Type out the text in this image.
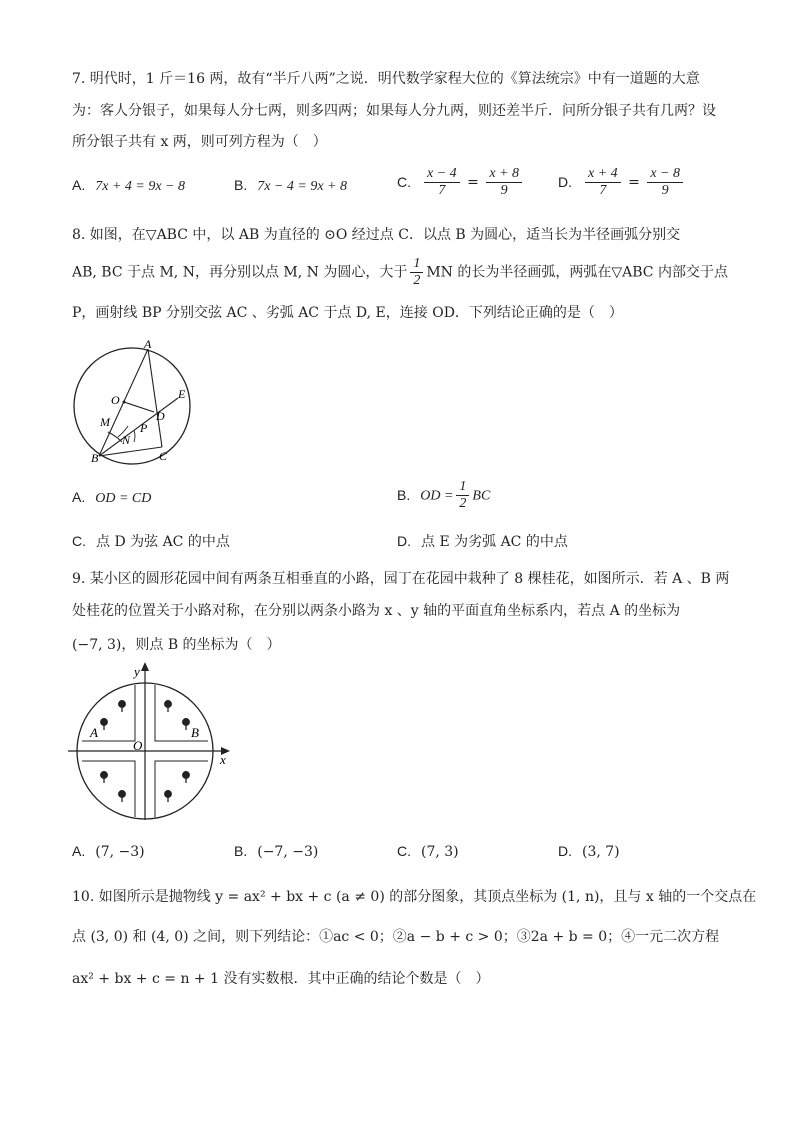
7. 明代时，1 斤＝16 两，故有“半斤八两”之说．明代数学家程大位的《算法统宗》中有一道题的大意
为：客人分银子，如果每人分七两，则多四两；如果每人分九两，则还差半斤．问所分银子共有几两？设
所分银子共有 x 两，则可列方程为（　）
A. 7x + 4 = 9x − 8	B. 7x − 4 = 9x + 8	C. $\frac{x - 4}{7} = \frac{x + 8}{9}$	D. $\frac{x + 4}{7} = \frac{x - 8}{9}$
8. 如图，在▽ABC 中，以 AB 为直径的 ⊙O 经过点 C．以点 B 为圆心，适当长为半径画弧分别交
AB, BC 于点 M, N，再分别以点 M, N 为圆心，大于 $\frac{1}{2}$ MN 的长为半径画弧，两弧在▽ABC 内部交于点
P，画射线 BP 分别交弦 AC 、劣弧 AC 于点 D, E，连接 OD．下列结论正确的是（　）
A
O	E
D
M	P
N
B	C
A. OD = CD	B. OD = $\frac{1}{2}$ BC
C. 点 D 为弦 AC 的中点	D. 点 E 为劣弧 AC 的中点
9. 某小区的圆形花园中间有两条互相垂直的小路，园丁在花园中栽种了 8 棵桂花，如图所示．若 A 、B 两
处桂花的位置关于小路对称，在分别以两条小路为 x 、y 轴的平面直角坐标系内，若点 A 的坐标为
(−7, 3)，则点 B 的坐标为（　）
y
x
O
A	B
A. (7, −3)	B. (−7, −3)	C. (7, 3)	D. (3, 7)
10. 如图所示是抛物线 y = ax² + bx + c (a ≠ 0) 的部分图象，其顶点坐标为 (1, n)，且与 x 轴的一个交点在
点 (3, 0) 和 (4, 0) 之间，则下列结论：①ac < 0；②a − b + c > 0；③2a + b = 0；④一元二次方程
ax² + bx + c = n + 1 没有实数根．其中正确的结论个数是（　）
